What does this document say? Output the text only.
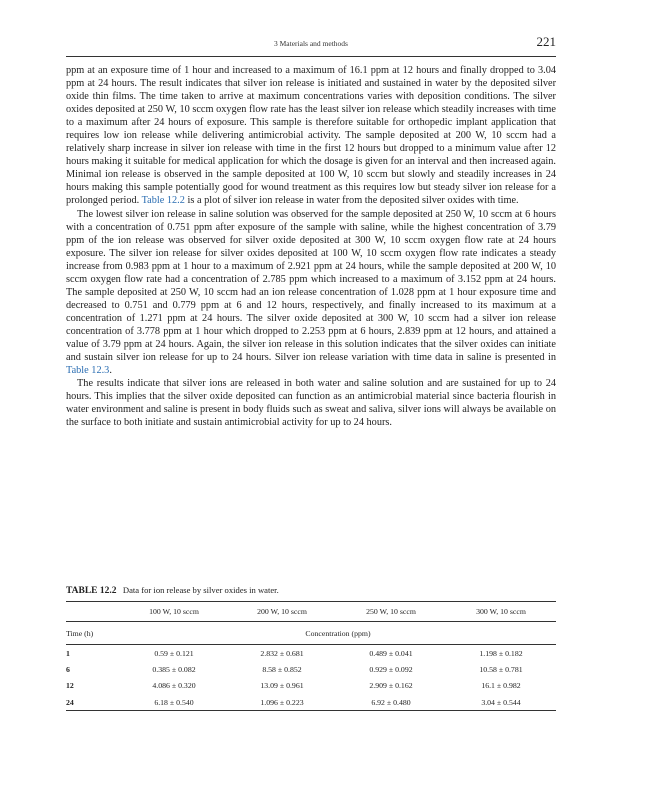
3 Materials and methods	221

ppm at an exposure time of 1 hour and increased to a maximum of 16.1 ppm at 12 hours and finally dropped to 3.04 ppm at 24 hours. The result indicates that silver ion release is initiated and sustained in water by the deposited silver oxide thin films. The time taken to arrive at maximum concentrations varies with deposition conditions. The silver oxides deposited at 250 W, 10 sccm oxygen flow rate has the least silver ion release which steadily increases with time to a maximum after 24 hours of exposure. This sample is therefore suitable for orthopedic implant application that requires low ion release while delivering antimicrobial activity. The sample deposited at 200 W, 10 sccm had a relatively sharp increase in silver ion release with time in the first 12 hours but dropped to a minimum value after 12 hours making it suitable for medical application for which the dosage is given for an interval and then increased again. Minimal ion release is observed in the sample deposited at 100 W, 10 sccm but slowly and steadily increases in 24 hours making this sample potentially good for wound treatment as this requires low but steady silver ion release for a prolonged period. Table 12.2 is a plot of silver ion release in water from the deposited silver oxides with time.

The lowest silver ion release in saline solution was observed for the sample deposited at 250 W, 10 sccm at 6 hours with a concentration of 0.751 ppm after exposure of the sample with saline, while the highest concentration of 3.79 ppm of the ion release was observed for silver oxide deposited at 300 W, 10 sccm oxygen flow rate at 24 hours exposure. The silver ion release for silver oxides deposited at 100 W, 10 sccm oxygen flow rate indicates a steady increase from 0.983 ppm at 1 hour to a maximum of 2.921 ppm at 24 hours, while the sample deposited at 200 W, 10 sccm oxygen flow rate had a concentration of 2.785 ppm which increased to a maximum of 3.152 ppm at 24 hours. The sample deposited at 250 W, 10 sccm had an ion release concentration of 1.028 ppm at 1 hour exposure time and decreased to 0.751 and 0.779 ppm at 6 and 12 hours, respectively, and finally increased to its maximum at a concentration of 1.271 ppm at 24 hours. The silver oxide deposited at 300 W, 10 sccm had a silver ion release concentration of 3.778 ppm at 1 hour which dropped to 2.253 ppm at 6 hours, 2.839 ppm at 12 hours, and attained a value of 3.79 ppm at 24 hours. Again, the silver ion release in this solution indicates that the silver oxides can initiate and sustain silver ion release for up to 24 hours. Silver ion release variation with time data in saline is presented in Table 12.3.

The results indicate that silver ions are released in both water and saline solution and are sustained for up to 24 hours. This implies that the silver oxide deposited can function as an antimicrobial material since bacteria flourish in water environment and saline is present in body fluids such as sweat and saliva, silver ions will always be available on the surface to both initiate and sustain antimicrobial activity for up to 24 hours.

TABLE 12.2 Data for ion release by silver oxides in water.
	100 W, 10 sccm	200 W, 10 sccm	250 W, 10 sccm	300 W, 10 sccm
Time (h)	Concentration (ppm)			
1	0.59 ± 0.121	2.832 ± 0.681	0.489 ± 0.041	1.198 ± 0.182
6	0.385 ± 0.082	8.58 ± 0.852	0.929 ± 0.092	10.58 ± 0.781
12	4.086 ± 0.320	13.09 ± 0.961	2.909 ± 0.162	16.1 ± 0.982
24	6.18 ± 0.540	1.096 ± 0.223	6.92 ± 0.480	3.04 ± 0.544
